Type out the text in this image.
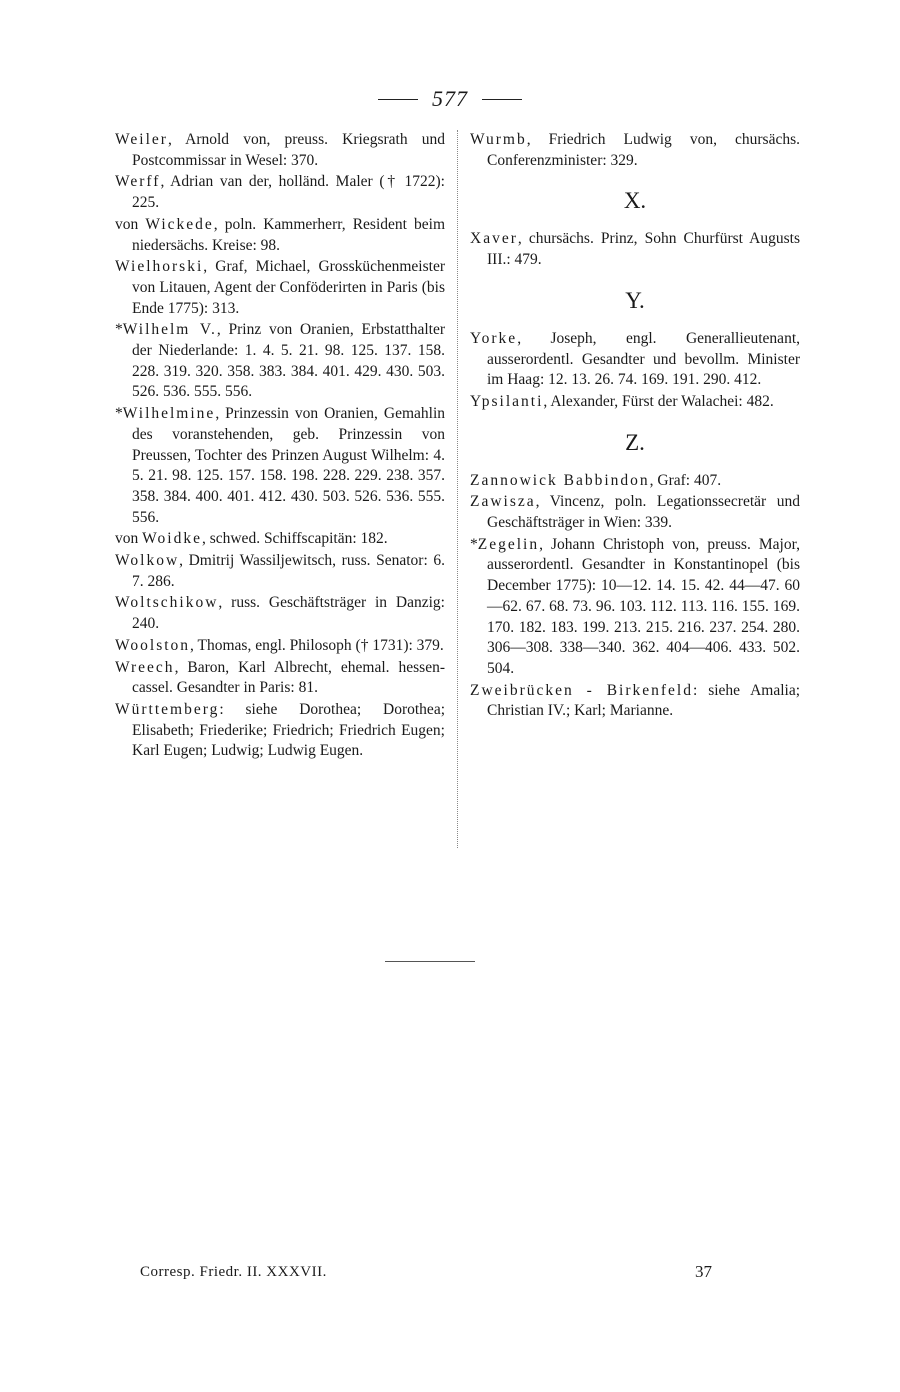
577

Weiler, Arnold von, preuss. Kriegsrath und Postcommissar in Wesel: 370.

Werff, Adrian van der, holländ. Maler († 1722): 225.

von Wickede, poln. Kammerherr, Resident beim niedersächs. Kreise: 98.

Wielhorski, Graf, Michael, Grossküchenmeister von Litauen, Agent der Conföderirten in Paris (bis Ende 1775): 313.

*Wilhelm V., Prinz von Oranien, Erbstatthalter der Niederlande: 1. 4. 5. 21. 98. 125. 137. 158. 228. 319. 320. 358. 383. 384. 401. 429. 430. 503. 526. 536. 555. 556.

*Wilhelmine, Prinzessin von Oranien, Gemahlin des voranstehenden, geb. Prinzessin von Preussen, Tochter des Prinzen August Wilhelm: 4. 5. 21. 98. 125. 157. 158. 198. 228. 229. 238. 357. 358. 384. 400. 401. 412. 430. 503. 526. 536. 555. 556.

von Woidke, schwed. Schiffscapitän: 182.

Wolkow, Dmitrij Wassiljewitsch, russ. Senator: 6. 7. 286.

Woltschikow, russ. Geschäftsträger in Danzig: 240.

Woolston, Thomas, engl. Philosoph († 1731): 379.

Wreech, Baron, Karl Albrecht, ehemal. hessen-cassel. Gesandter in Paris: 81.

Württemberg: siehe Dorothea; Dorothea; Elisabeth; Friederike; Friedrich; Friedrich Eugen; Karl Eugen; Ludwig; Ludwig Eugen.

Wurmb, Friedrich Ludwig von, chursächs. Conferenzminister: 329.

X.

Xaver, chursächs. Prinz, Sohn Churfürst Augusts III.: 479.

Y.

Yorke, Joseph, engl. Generallieutenant, ausserordentl. Gesandter und bevollm. Minister im Haag: 12. 13. 26. 74. 169. 191. 290. 412.

Ypsilanti, Alexander, Fürst der Walachei: 482.

Z.

Zannowick Babbindon, Graf: 407.

Zawisza, Vincenz, poln. Legationssecretär und Geschäftsträger in Wien: 339.

*Zegelin, Johann Christoph von, preuss. Major, ausserordentl. Gesandter in Konstantinopel (bis December 1775): 10—12. 14. 15. 42. 44—47. 60—62. 67. 68. 73. 96. 103. 112. 113. 116. 155. 169. 170. 182. 183. 199. 213. 215. 216. 237. 254. 280. 306—308. 338—340. 362. 404—406. 433. 502. 504.

Zweibrücken - Birkenfeld: siehe Amalia; Christian IV.; Karl; Marianne.

Corresp. Friedr. II. XXXVII.	37
